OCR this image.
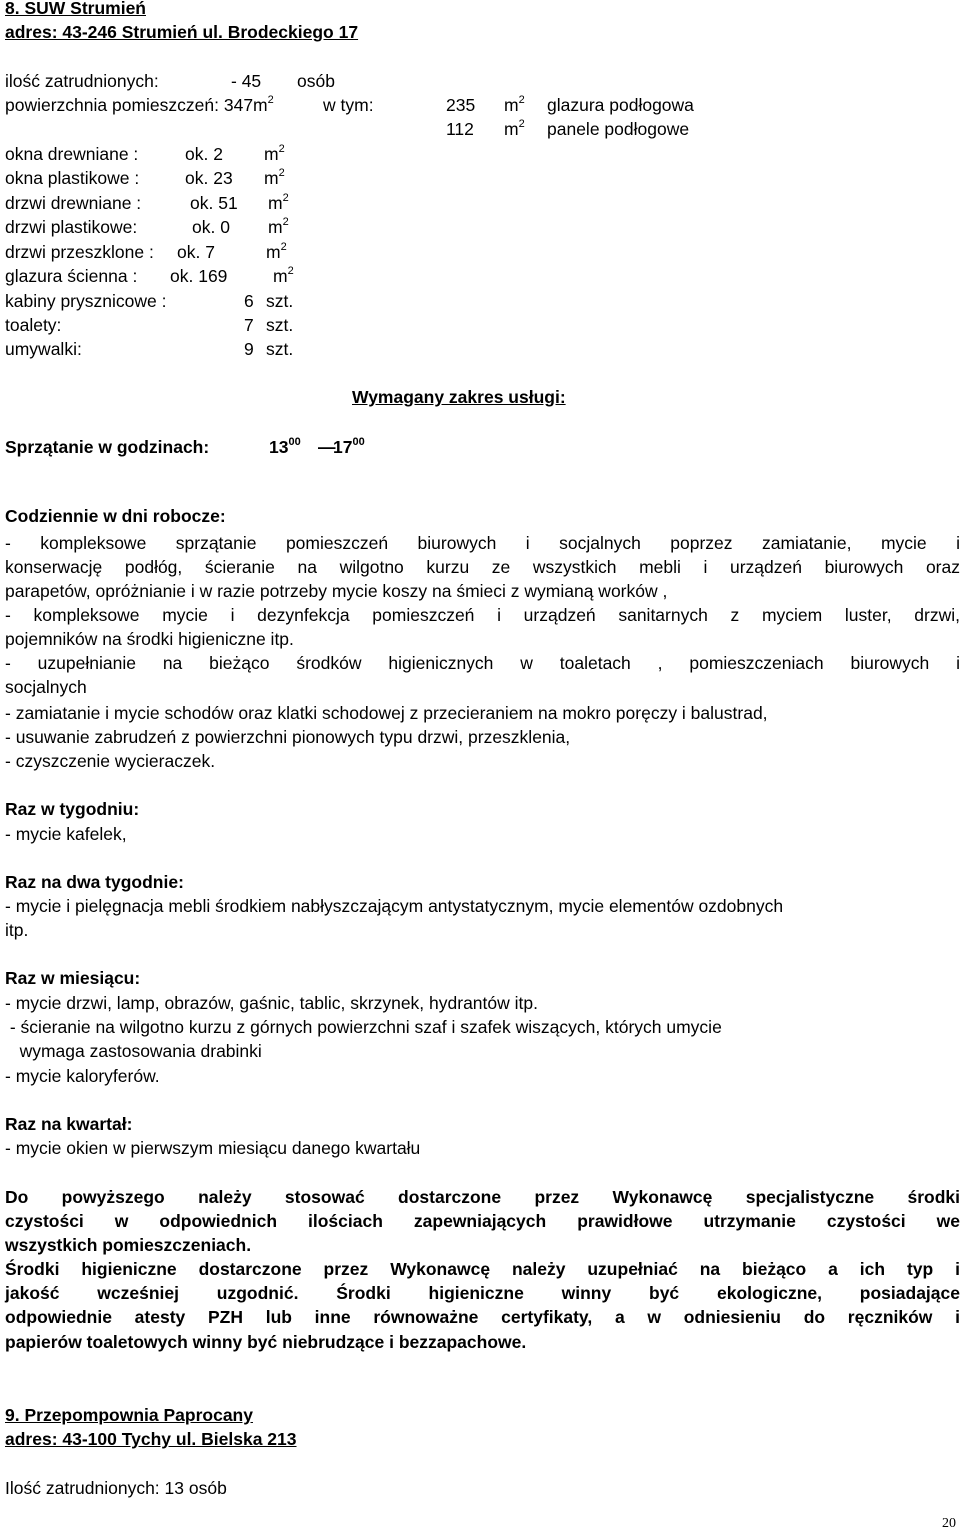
8. SUW Strumień
adres: 43-246 Strumień ul. Brodeckiego 17
ilość zatrudnionych:	- 45 osób
powierzchnia pomieszczeń: $347m^2$	w tym:	235 $m^2$ glazura podłogowa
112 $m^2$ panele podłogowe
okna drewniane :	ok. 2 $m^2$
okna plastikowe :	ok. 23 $m^2$
drzwi drewniane :	ok. 51 $m^2$
drzwi plastikowe:	ok. 0 $m^2$
drzwi przeszklone : ok. 7	$m^2$
glazura ścienna : ok. 169	$m^2$
kabiny prysznicowe :	6 szt.
toalety:	7 szt.
umywalki:	9 szt.
Wymagany zakres usługi:
Sprzątanie w godzinach:	$13^{00}$ —
$17^{00}$
Codziennie w dni robocze:
- kompleksowe sprzątanie pomieszczeń biurowych i socjalnych poprzez zamiatanie, mycie i
konserwację podłóg, ścieranie na wilgotno kurzu ze wszystkich mebli i urządzeń biurowych oraz
parapetów, opróżnianie i w razie potrzeby mycie koszy na śmieci z wymianą worków ,
- kompleksowe mycie i dezynfekcja pomieszczeń i urządzeń sanitarnych z myciem luster, drzwi,
pojemników na środki higieniczne itp.
- uzupełnianie na bieżąco środków higienicznych w toaletach , pomieszczeniach biurowych i
socjalnych
- zamiatanie i mycie schodów oraz klatki schodowej z przecieraniem na mokro poręczy i balustrad,
- usuwanie zabrudzeń z powierzchni pionowych typu drzwi, przeszklenia,
- czyszczenie wycieraczek.
Raz w tygodniu:
- mycie kafelek,
Raz na dwa tygodnie:
- mycie i pielęgnacja mebli środkiem nabłyszczającym antystatycznym, mycie elementów ozdobnych
itp.
Raz w miesiącu:
- mycie drzwi, lamp, obrazów, gaśnic, tablic, skrzynek, hydrantów itp.
- ścieranie na wilgotno kurzu z górnych powierzchni szaf i szafek wiszących, których umycie
wymaga zastosowania drabinki
- mycie kaloryferów.
Raz na kwartał:
- mycie okien w pierwszym miesiącu danego kwartału
Do powyższego należy stosować dostarczone przez Wykonawcę specjalistyczne środki
czystości w odpowiednich ilościach zapewniających prawidłowe utrzymanie czystości we
wszystkich pomieszczeniach.
Środki higieniczne dostarczone przez Wykonawcę należy uzupełniać na bieżąco a ich typ i
jakość wcześniej uzgodnić. Środki higieniczne winny być ekologiczne, posiadające
odpowiednie atesty PZH lub inne równoważne certyfikaty, a w odniesieniu do ręczników i
papierów toaletowych winny być niebrudzące i bezzapachowe.
9. Przepompownia Paprocany
adres: 43-100 Tychy ul. Bielska 213
Ilość zatrudnionych: 13 osób
20
